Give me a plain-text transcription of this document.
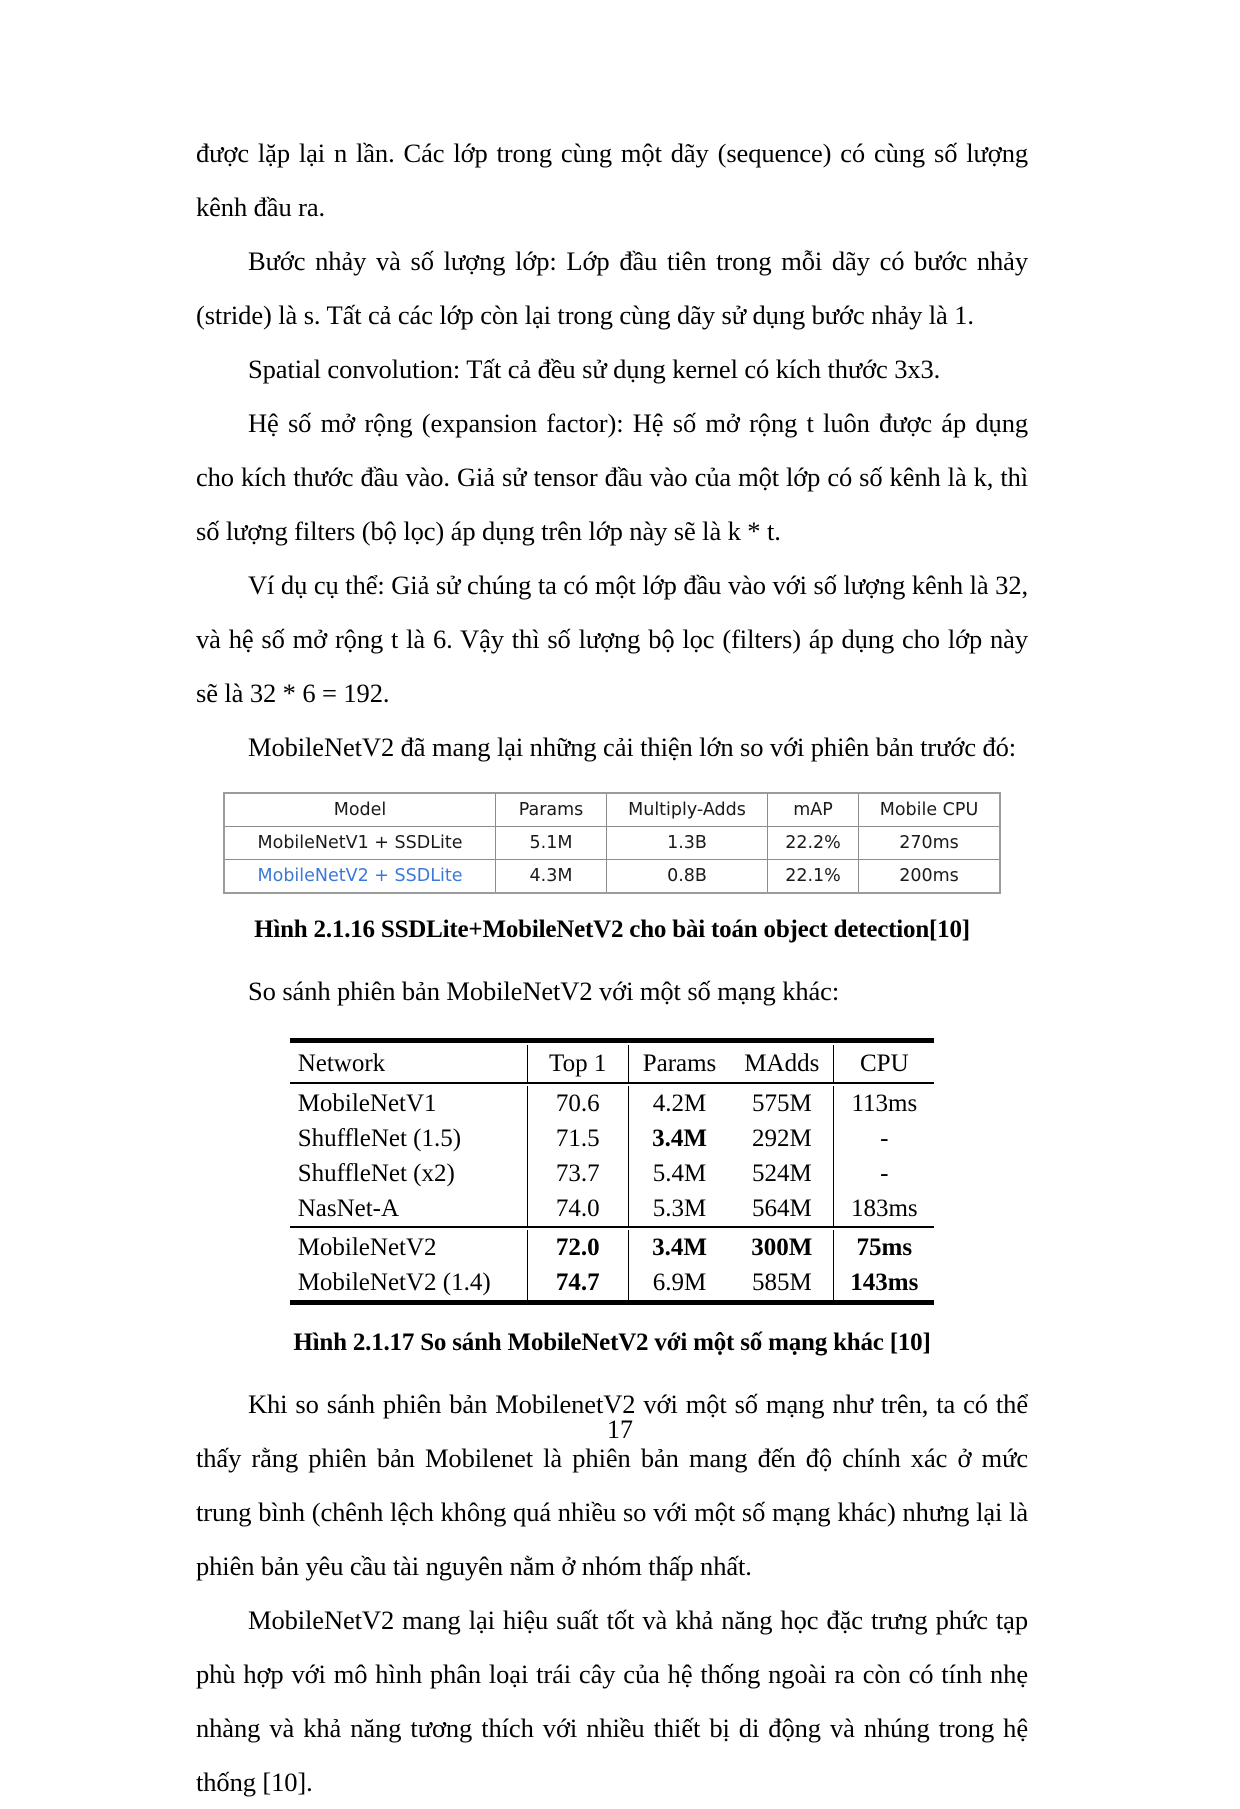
được lặp lại n lần. Các lớp trong cùng một dãy (sequence) có cùng số lượng kênh đầu ra.

Bước nhảy và số lượng lớp: Lớp đầu tiên trong mỗi dãy có bước nhảy (stride) là s. Tất cả các lớp còn lại trong cùng dãy sử dụng bước nhảy là 1.

Spatial convolution: Tất cả đều sử dụng kernel có kích thước 3x3.

Hệ số mở rộng (expansion factor): Hệ số mở rộng t luôn được áp dụng cho kích thước đầu vào. Giả sử tensor đầu vào của một lớp có số kênh là k, thì số lượng filters (bộ lọc) áp dụng trên lớp này sẽ là k * t.

Ví dụ cụ thể: Giả sử chúng ta có một lớp đầu vào với số lượng kênh là 32, và hệ số mở rộng t là 6. Vậy thì số lượng bộ lọc (filters) áp dụng cho lớp này sẽ là 32 * 6 = 192.

MobileNetV2 đã mang lại những cải thiện lớn so với phiên bản trước đó:

Model	Params	Multiply-Adds	mAP	Mobile CPU
MobileNetV1 + SSDLite	5.1M	1.3B	22.2%	270ms
MobileNetV2 + SSDLite	4.3M	0.8B	22.1%	200ms
Hình 2.1.16 SSDLite+MobileNetV2 cho bài toán object detection[10]

So sánh phiên bản MobileNetV2 với một số mạng khác:

Network	Top 1	Params	MAdds	CPU

MobileNetV1	70.6	4.2M	575M	113ms
ShuffleNet (1.5)	71.5	3.4M	292M	-
ShuffleNet (x2)	73.7	5.4M	524M	-
NasNet-A	74.0	5.3M	564M	183ms

MobileNetV2	72.0	3.4M	300M	75ms
MobileNetV2 (1.4)	74.7	6.9M	585M	143ms

Hình 2.1.17 So sánh MobileNetV2 với một số mạng khác [10]

Khi so sánh phiên bản MobilenetV2 với một số mạng như trên, ta có thể thấy rằng phiên bản Mobilenet là phiên bản mang đến độ chính xác ở mức trung bình (chênh lệch không quá nhiều so với một số mạng khác) nhưng lại là phiên bản yêu cầu tài nguyên nằm ở nhóm thấp nhất.

MobileNetV2 mang lại hiệu suất tốt và khả năng học đặc trưng phức tạp phù hợp với mô hình phân loại trái cây của hệ thống ngoài ra còn có tính nhẹ nhàng và khả năng tương thích với nhiều thiết bị di động và nhúng trong hệ thống [10].

17
